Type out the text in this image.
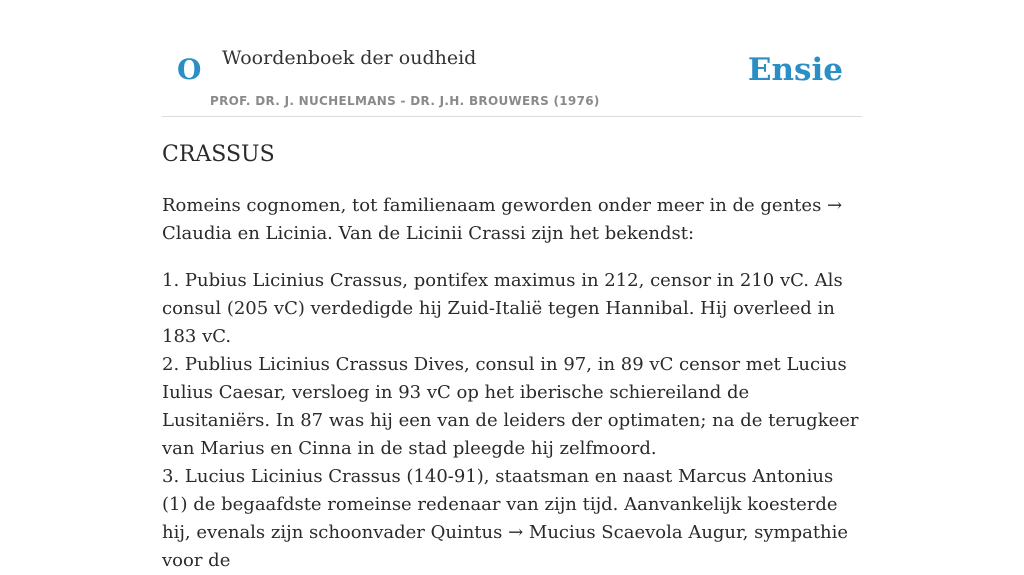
O Woordenboek der oudheid
PROF. DR. J. NUCHELMANS - DR. J.H. BROUWERS (1976)
Ensie
CRASSUS

Romeins cognomen, tot familienaam geworden onder meer in de gentes → Claudia en Licinia. Van de Licinii Crassi zijn het bekendst:

1. Pubius Licinius Crassus, pontifex maximus in 212, censor in 210 vC. Als consul (205 vC) verdedigde hij Zuid-Italië tegen Hannibal. Hij overleed in 183 vC.

2. Publius Licinius Crassus Dives, consul in 97, in 89 vC censor met Lucius Iulius Caesar, versloeg in 93 vC op het iberische schiereiland de Lusitaniërs. In 87 was hij een van de leiders der optimaten; na de terugkeer van Marius en Cinna in de stad pleegde hij zelfmoord.

3. Lucius Licinius Crassus (140-91), staatsman en naast Marcus Antonius (1) de begaafdste romeinse redenaar van zijn tijd. Aanvankelijk koesterde hij, evenals zijn schoonvader Quintus → Mucius Scaevola Augur, sympathie voor de
